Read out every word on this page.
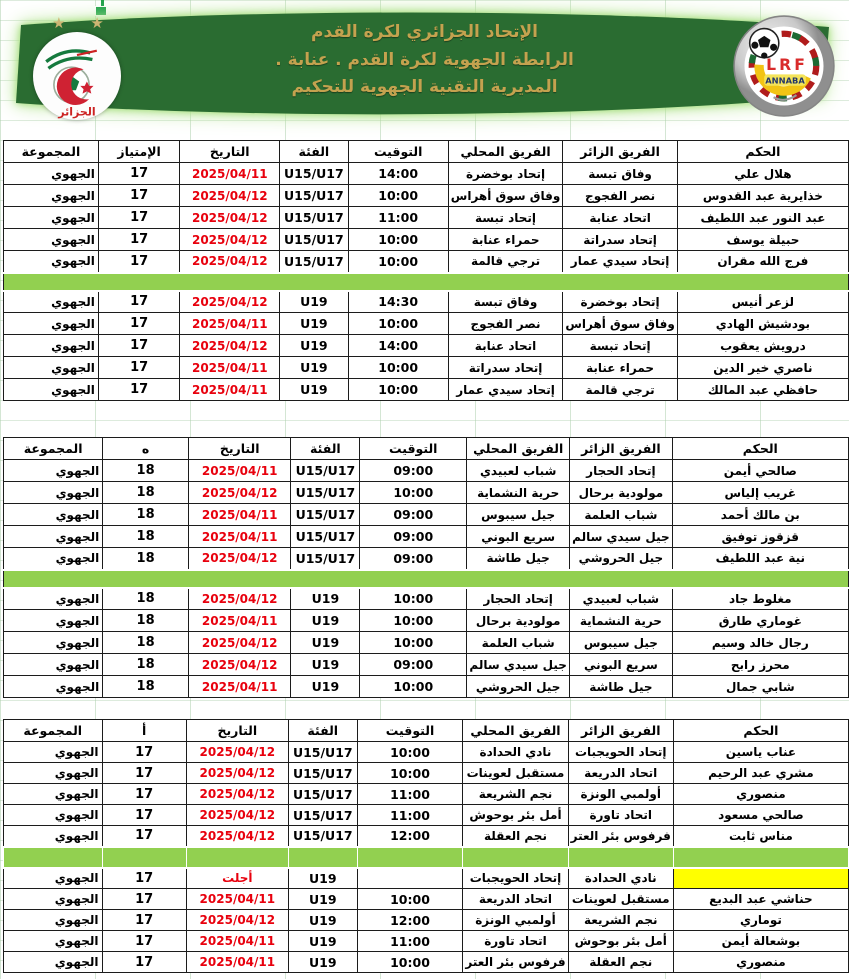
★ ★
الجزائر
الإتحاد الجزائري لكرة القدم
الرابطة الجهوية لكرة القدم . عنابة .
المديرية التقنية الجهوية للتحكيم
LRF
ANNABA
الحكم	الفريق الزائر	الفريق المحلي	التوقيت	الفئة	التاريخ	الإمتياز	المجموعة
هلال علي	وفاق تبسة	إتحاد بوخضرة	14:00	U15/U17	2025/04/11	17	الجهوي
خذايرية عبد القدوس	نصر الفجوج	وفاق سوق أهراس	10:00	U15/U17	2025/04/12	17	الجهوي
عبد النور عبد اللطيف	اتحاد عنابة	إتحاد تبسة	11:00	U15/U17	2025/04/12	17	الجهوي
حبيلة يوسف	إتحاد سدراتة	حمراء عنابة	10:00	U15/U17	2025/04/12	17	الجهوي
فرج الله مقران	إتحاد سيدي عمار	ترجي قالمة	10:00	U15/U17	2025/04/12	17	الجهوي

لزعر أنيس	إتحاد بوخضرة	وفاق تبسة	14:30	U19	2025/04/12	17	الجهوي
بودشيش الهادي	وفاق سوق أهراس	نصر الفجوج	10:00	U19	2025/04/11	17	الجهوي
درويش يعقوب	إتحاد تبسة	اتحاد عنابة	14:00	U19	2025/04/12	17	الجهوي
ناصري خير الدين	حمراء عنابة	إتحاد سدراتة	10:00	U19	2025/04/11	17	الجهوي
حافظي عبد المالك	ترجي قالمة	إتحاد سيدي عمار	10:00	U19	2025/04/11	17	الجهوي
الحكم	الفريق الزائر	الفريق المحلي	التوقيت	الفئة	التاريخ	ه	المجموعة
صالحي أيمن	إتحاد الحجار	شباب لعبيدي	09:00	U15/U17	2025/04/11	18	الجهوي
غريب إلياس	مولودية برحال	حرية النشماية	10:00	U15/U17	2025/04/12	18	الجهوي
بن مالك أحمد	شباب العلمة	جيل سيبوس	09:00	U15/U17	2025/04/11	18	الجهوي
قزقوز توفيق	جيل سيدي سالم	سريع البوني	09:00	U15/U17	2025/04/11	18	الجهوي
نية عبد اللطيف	جيل الحروشي	جيل طاشة	09:00	U15/U17	2025/04/12	18	الجهوي

مغلوط جاد	شباب لعبيدي	إتحاد الحجار	10:00	U19	2025/04/12	18	الجهوي
غوماري طارق	حرية النشماية	مولودية برحال	10:00	U19	2025/04/11	18	الجهوي
رجال خالد وسيم	جيل سيبوس	شباب العلمة	10:00	U19	2025/04/12	18	الجهوي
محرز رابح	سريع البوني	جيل سيدي سالم	09:00	U19	2025/04/12	18	الجهوي
شابي جمال	جيل طاشة	جيل الحروشي	10:00	U19	2025/04/11	18	الجهوي
الحكم	الفريق الزائر	الفريق المحلي	التوقيت	الفئة	التاريخ	أ	المجموعة
عناب ياسين	إتحاد الحويجبات	نادي الحدادة	10:00	U15/U17	2025/04/12	17	الجهوي
مشري عبد الرحيم	اتحاد الدريعة	مستقبل لعوينات	10:00	U15/U17	2025/04/12	17	الجهوي
منصوري	أولمبي الونزة	نجم الشريعة	11:00	U15/U17	2025/04/12	17	الجهوي
صالحي مسعود	اتحاد تاورة	أمل بئر بوحوش	11:00	U15/U17	2025/04/12	17	الجهوي
مناس ثابت	فرفوس بئر العتر	نجم العقلة	12:00	U15/U17	2025/04/12	17	الجهوي

	نادي الحدادة	إتحاد الحويجبات		U19	أجلت	17	الجهوي
حناشي عبد البديع	مستقبل لعوينات	اتحاد الدريعة	10:00	U19	2025/04/11	17	الجهوي
توماري	نجم الشريعة	أولمبي الونزة	12:00	U19	2025/04/12	17	الجهوي
بوشعالة أيمن	أمل بئر بوحوش	اتحاد تاورة	11:00	U19	2025/04/11	17	الجهوي
منصوري	نجم العقلة	فرفوس بئر العتر	10:00	U19	2025/04/11	17	الجهوي
